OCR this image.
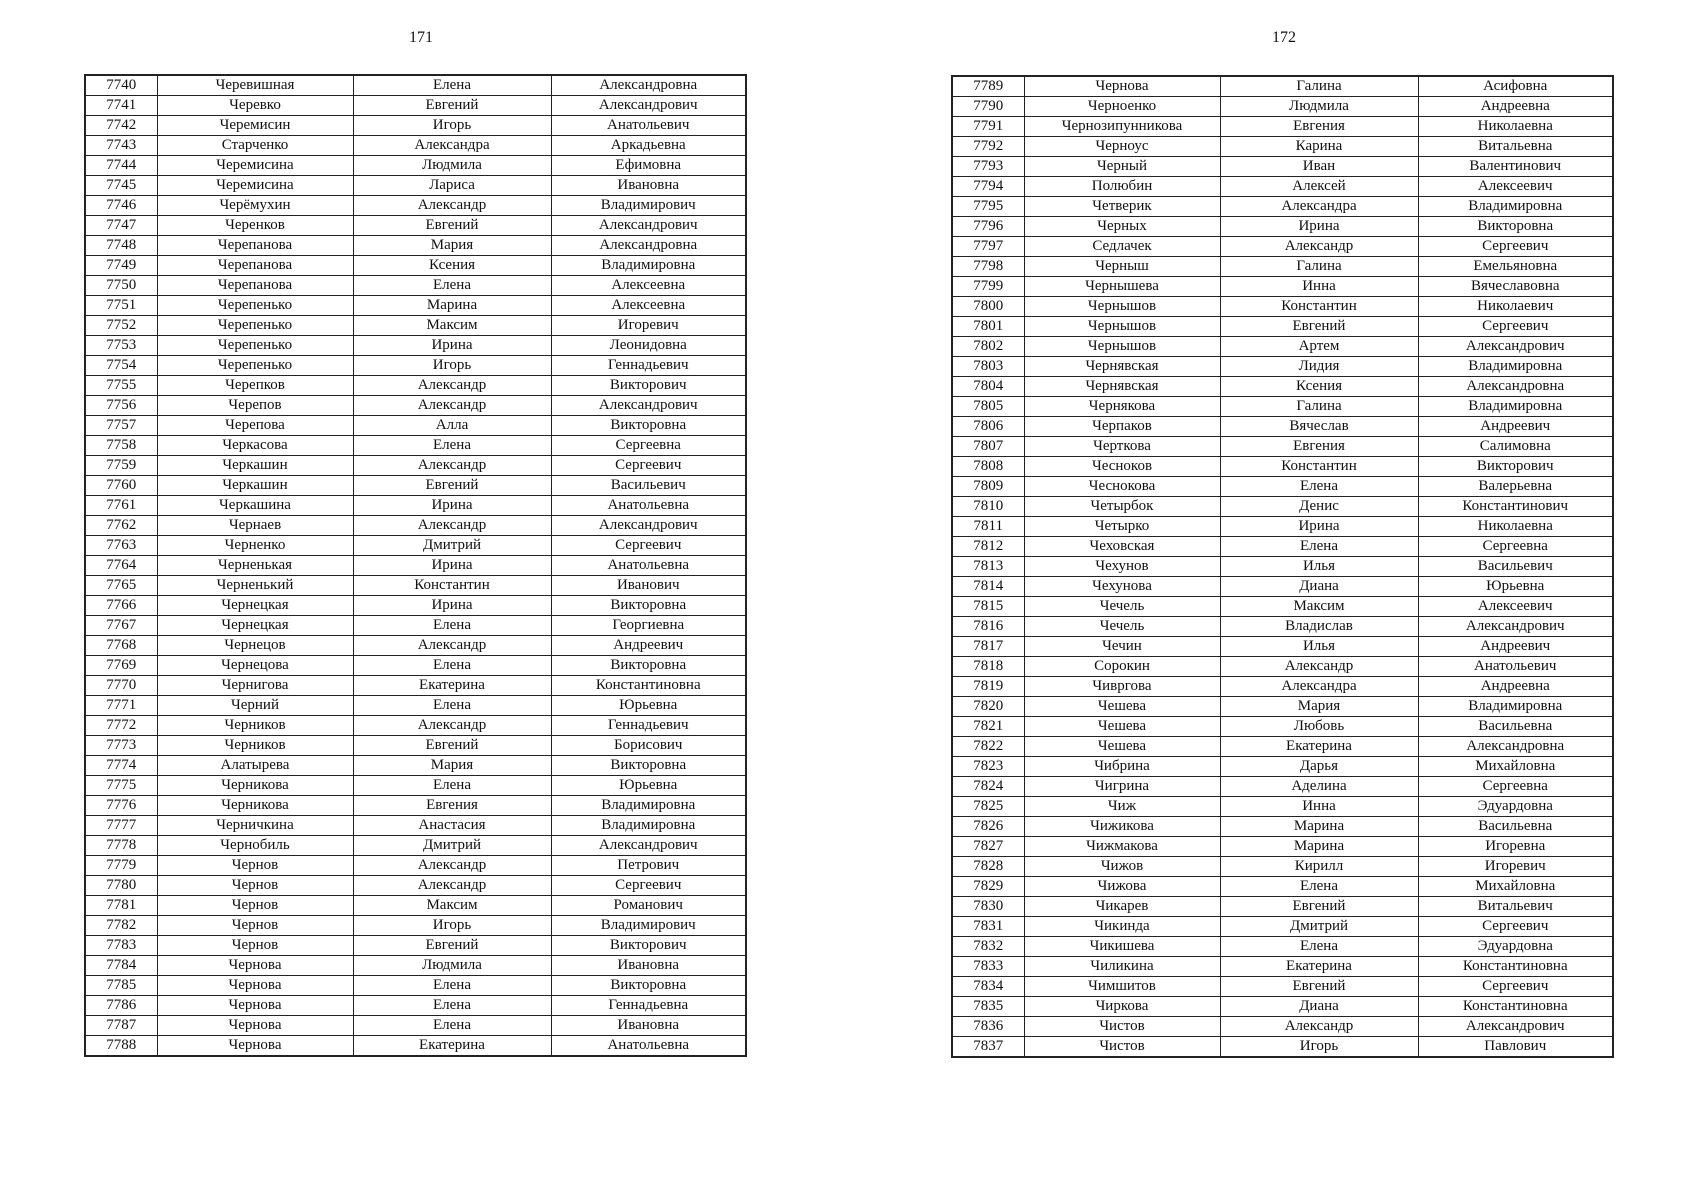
171	172
7740	Черевишная	Елена	Александровна
7741	Черевко	Евгений	Александрович
7742	Черемисин	Игорь	Анатольевич
7743	Старченко	Александра	Аркадьевна
7744	Черемисина	Людмила	Ефимовна
7745	Черемисина	Лариса	Ивановна
7746	Черёмухин	Александр	Владимирович
7747	Черенков	Евгений	Александрович
7748	Черепанова	Мария	Александровна
7749	Черепанова	Ксения	Владимировна
7750	Черепанова	Елена	Алексеевна
7751	Черепенько	Марина	Алексеевна
7752	Черепенько	Максим	Игоревич
7753	Черепенько	Ирина	Леонидовна
7754	Черепенько	Игорь	Геннадьевич
7755	Черепков	Александр	Викторович
7756	Черепов	Александр	Александрович
7757	Черепова	Алла	Викторовна
7758	Черкасова	Елена	Сергеевна
7759	Черкашин	Александр	Сергеевич
7760	Черкашин	Евгений	Васильевич
7761	Черкашина	Ирина	Анатольевна
7762	Чернаев	Александр	Александрович
7763	Черненко	Дмитрий	Сергеевич
7764	Черненькая	Ирина	Анатольевна
7765	Черненький	Константин	Иванович
7766	Чернецкая	Ирина	Викторовна
7767	Чернецкая	Елена	Георгиевна
7768	Чернецов	Александр	Андреевич
7769	Чернецова	Елена	Викторовна
7770	Чернигова	Екатерина	Константиновна
7771	Черний	Елена	Юрьевна
7772	Черников	Александр	Геннадьевич
7773	Черников	Евгений	Борисович
7774	Алатырева	Мария	Викторовна
7775	Черникова	Елена	Юрьевна
7776	Черникова	Евгения	Владимировна
7777	Черничкина	Анастасия	Владимировна
7778	Чернобиль	Дмитрий	Александрович
7779	Чернов	Александр	Петрович
7780	Чернов	Александр	Сергеевич
7781	Чернов	Максим	Романович
7782	Чернов	Игорь	Владимирович
7783	Чернов	Евгений	Викторович
7784	Чернова	Людмила	Ивановна
7785	Чернова	Елена	Викторовна
7786	Чернова	Елена	Геннадьевна
7787	Чернова	Елена	Ивановна
7788	Чернова	Екатерина	Анатольевна
7789	Чернова	Галина	Асифовна
7790	Черноенко	Людмила	Андреевна
7791	Чернозипунникова	Евгения	Николаевна
7792	Черноус	Карина	Витальевна
7793	Черный	Иван	Валентинович
7794	Полюбин	Алексей	Алексеевич
7795	Четверик	Александра	Владимировна
7796	Черных	Ирина	Викторовна
7797	Седлачек	Александр	Сергеевич
7798	Черныш	Галина	Емельяновна
7799	Чернышева	Инна	Вячеславовна
7800	Чернышов	Константин	Николаевич
7801	Чернышов	Евгений	Сергеевич
7802	Чернышов	Артем	Александрович
7803	Чернявская	Лидия	Владимировна
7804	Чернявская	Ксения	Александровна
7805	Чернякова	Галина	Владимировна
7806	Черпаков	Вячеслав	Андреевич
7807	Черткова	Евгения	Салимовна
7808	Чесноков	Константин	Викторович
7809	Чеснокова	Елена	Валерьевна
7810	Четырбок	Денис	Константинович
7811	Четырко	Ирина	Николаевна
7812	Чеховская	Елена	Сергеевна
7813	Чехунов	Илья	Васильевич
7814	Чехунова	Диана	Юрьевна
7815	Чечель	Максим	Алексеевич
7816	Чечель	Владислав	Александрович
7817	Чечин	Илья	Андреевич
7818	Сорокин	Александр	Анатольевич
7819	Чивргова	Александра	Андреевна
7820	Чешева	Мария	Владимировна
7821	Чешева	Любовь	Васильевна
7822	Чешева	Екатерина	Александровна
7823	Чибрина	Дарья	Михайловна
7824	Чигрина	Аделина	Сергеевна
7825	Чиж	Инна	Эдуардовна
7826	Чижикова	Марина	Васильевна
7827	Чижмакова	Марина	Игоревна
7828	Чижов	Кирилл	Игоревич
7829	Чижова	Елена	Михайловна
7830	Чикарев	Евгений	Витальевич
7831	Чикинда	Дмитрий	Сергеевич
7832	Чикишева	Елена	Эдуардовна
7833	Чиликина	Екатерина	Константиновна
7834	Чимшитов	Евгений	Сергеевич
7835	Чиркова	Диана	Константиновна
7836	Чистов	Александр	Александрович
7837	Чистов	Игорь	Павлович
